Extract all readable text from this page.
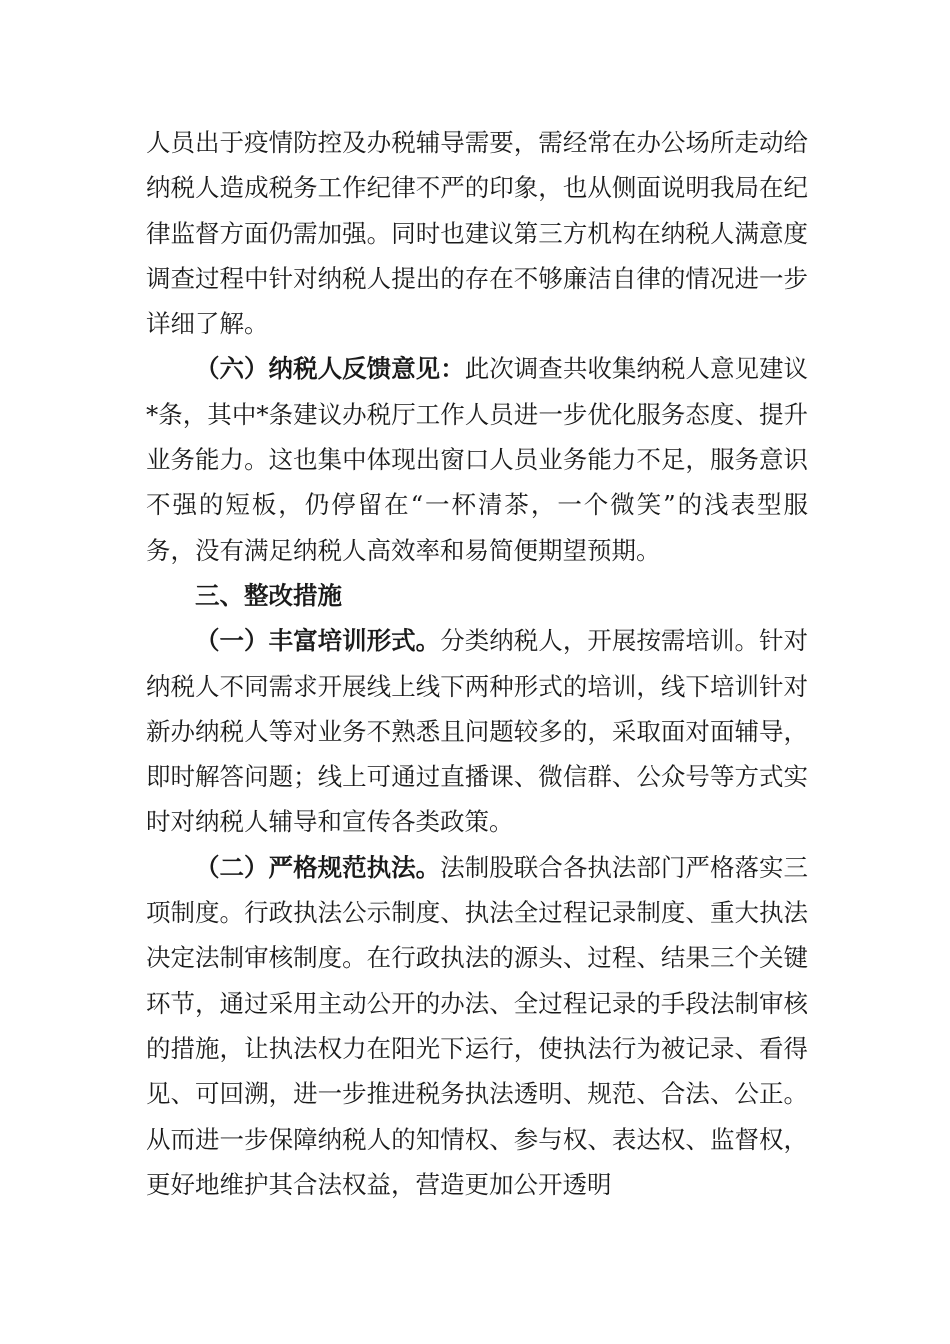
人员出于疫情防控及办税辅导需要，需经常在办公场所走动给纳税人造成税务工作纪律不严的印象，也从侧面说明我局在纪律监督方面仍需加强。同时也建议第三方机构在纳税人满意度调查过程中针对纳税人提出的存在不够廉洁自律的情况进一步详细了解。

（六）纳税人反馈意见：此次调查共收集纳税人意见建议*条，其中*条建议办税厅工作人员进一步优化服务态度、提升业务能力。这也集中体现出窗口人员业务能力不足，服务意识不强的短板，仍停留在“一杯清茶，一个微笑”的浅表型服务，没有满足纳税人高效率和易简便期望预期。

三、整改措施

（一）丰富培训形式。分类纳税人，开展按需培训。针对纳税人不同需求开展线上线下两种形式的培训，线下培训针对新办纳税人等对业务不熟悉且问题较多的，采取面对面辅导，即时解答问题；线上可通过直播课、微信群、公众号等方式实时对纳税人辅导和宣传各类政策。

（二）严格规范执法。法制股联合各执法部门严格落实三项制度。行政执法公示制度、执法全过程记录制度、重大执法决定法制审核制度。在行政执法的源头、过程、结果三个关键环节，通过采用主动公开的办法、全过程记录的手段法制审核的措施，让执法权力在阳光下运行，使执法行为被记录、看得见、可回溯，进一步推进税务执法透明、规范、合法、公正。从而进一步保障纳税人的知情权、参与权、表达权、监督权，更好地维护其合法权益，营造更加公开透明
